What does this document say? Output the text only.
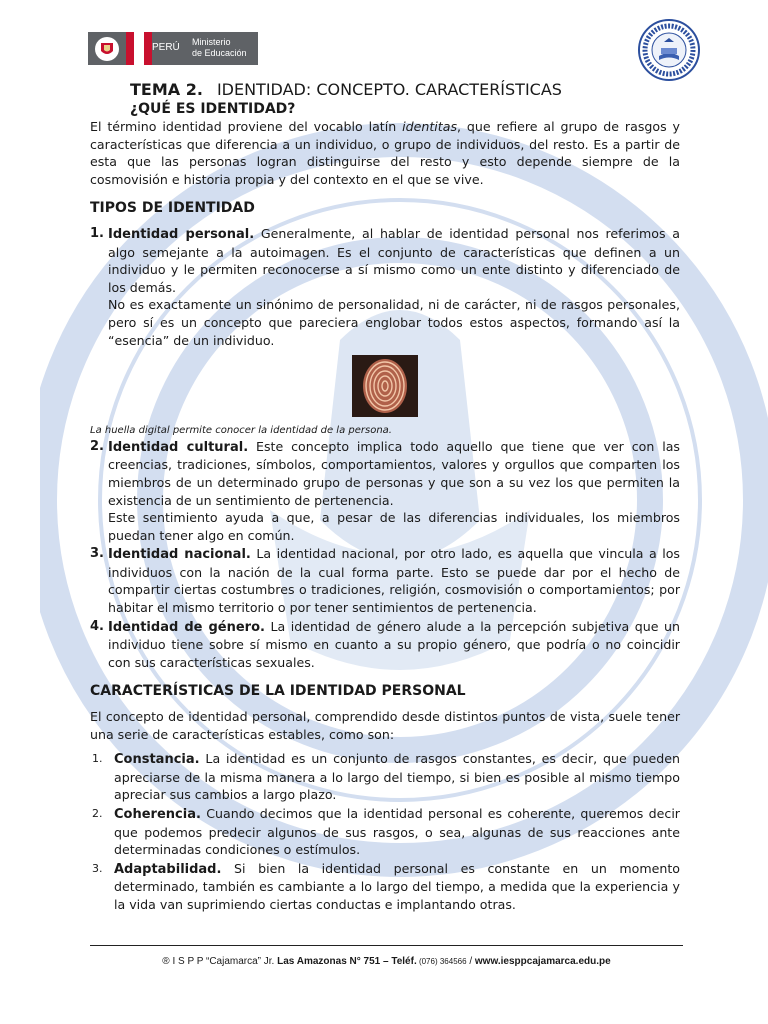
PERÚ Ministerio
de Educación

TEMA 2. IDENTIDAD: CONCEPTO. CARACTERÍSTICAS

¿QUÉ ES IDENTIDAD?

El término identidad proviene del vocablo latín identitas, que refiere al grupo de rasgos y características que diferencia a un individuo, o grupo de individuos, del resto. Es a partir de esta que las personas logran distinguirse del resto y esto depende siempre de la cosmovisión e historia propia y del contexto en el que se vive.

TIPOS DE IDENTIDAD
1. Identidad personal. Generalmente, al hablar de identidad personal nos referimos a algo semejante a la autoimagen. Es el conjunto de características que definen a un individuo y le permiten reconocerse a sí mismo como un ente distinto y diferenciado de los demás.
No es exactamente un sinónimo de personalidad, ni de carácter, ni de rasgos personales, pero sí es un concepto que pareciera englobar todos estos aspectos, formando así la “esencia” de un individuo.

La huella digital permite conocer la identidad de la persona.

2. Identidad cultural. Este concepto implica todo aquello que tiene que ver con las creencias, tradiciones, símbolos, comportamientos, valores y orgullos que comparten los miembros de un determinado grupo de personas y que son a su vez los que permiten la existencia de un sentimiento de pertenencia.
Este sentimiento ayuda a que, a pesar de las diferencias individuales, los miembros puedan tener algo en común.
3. Identidad nacional. La identidad nacional, por otro lado, es aquella que vincula a los individuos con la nación de la cual forma parte. Esto se puede dar por el hecho de compartir ciertas costumbres o tradiciones, religión, cosmovisión o comportamientos; por habitar el mismo territorio o por tener sentimientos de pertenencia.
4. Identidad de género. La identidad de género alude a la percepción subjetiva que un individuo tiene sobre sí mismo en cuanto a su propio género, que podría o no coincidir con sus características sexuales.
CARACTERÍSTICAS DE LA IDENTIDAD PERSONAL

El concepto de identidad personal, comprendido desde distintos puntos de vista, suele tener una serie de características estables, como son:

1. Constancia. La identidad es un conjunto de rasgos constantes, es decir, que pueden apreciarse de la misma manera a lo largo del tiempo, si bien es posible al mismo tiempo apreciar sus cambios a largo plazo.
2. Coherencia. Cuando decimos que la identidad personal es coherente, queremos decir que podemos predecir algunos de sus rasgos, o sea, algunas de sus reacciones ante determinadas condiciones o estímulos.
3. Adaptabilidad. Si bien la identidad personal es constante en un momento determinado, también es cambiante a lo largo del tiempo, a medida que la experiencia y la vida van suprimiendo ciertas conductas e implantando otras.
® I S P P “Cajamarca” Jr. Las Amazonas N° 751 – Teléf. (076) 364566 / www.iesppcajamarca.edu.pe
